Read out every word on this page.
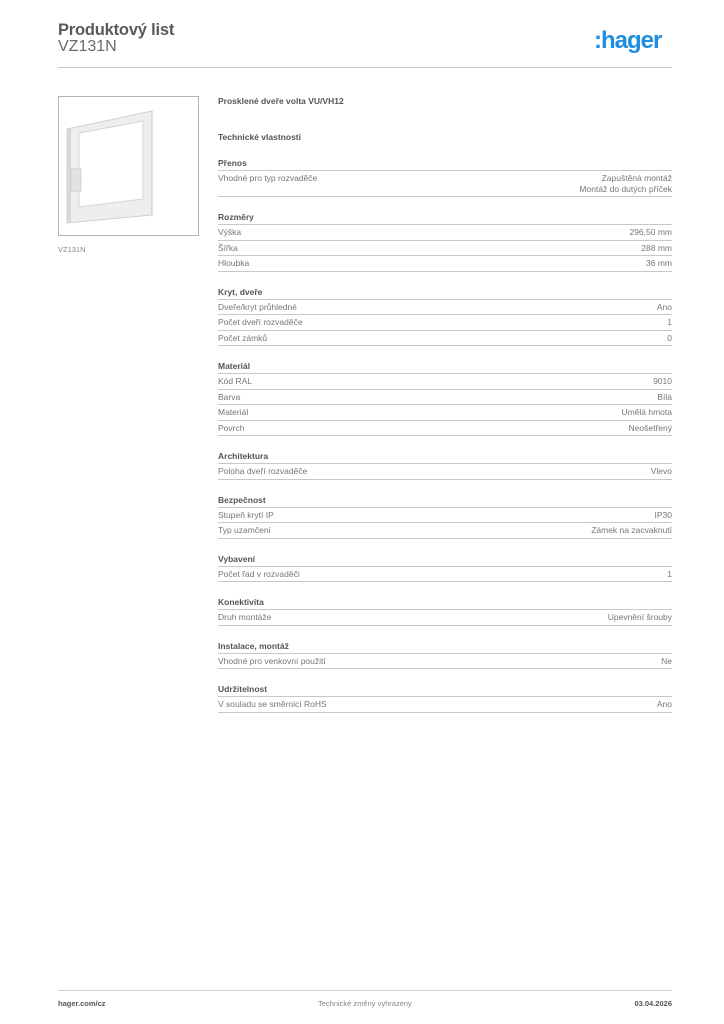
Produktový list
VZ131N	:hager
VZ131N
Prosklené dveře volta VU/VH12
Technické vlastnosti
Přenos
Vhodné pro typ rozvaděče	Zapuštěná montáž
Montáž do dutých příček
Rozměry
Výška	296,50 mm
Šířka	288 mm
Hloubka	36 mm
Kryt, dveře
Dveře/kryt průhledné	Ano
Počet dveří rozvaděče	1
Počet zámků	0
Materiál
Kód RAL	9010
Barva	Bílá
Materiál	Umělá hmota
Povrch	Neošetřený
Architektura
Poloha dveří rozvaděče	Vlevo
Bezpečnost
Stupeň krytí IP	IP30
Typ uzamčení	Zámek na zacvaknutí
Vybavení
Počet řad v rozvaděči	1
Konektivita
Druh montáže	Upevnění šrouby
Instalace, montáž
Vhodné pro venkovní použití	Ne
Udržitelnost
V souladu se směrnicí RoHS	Ano
hager.com/cz	Technické změny vyhrazeny	03.04.2026
